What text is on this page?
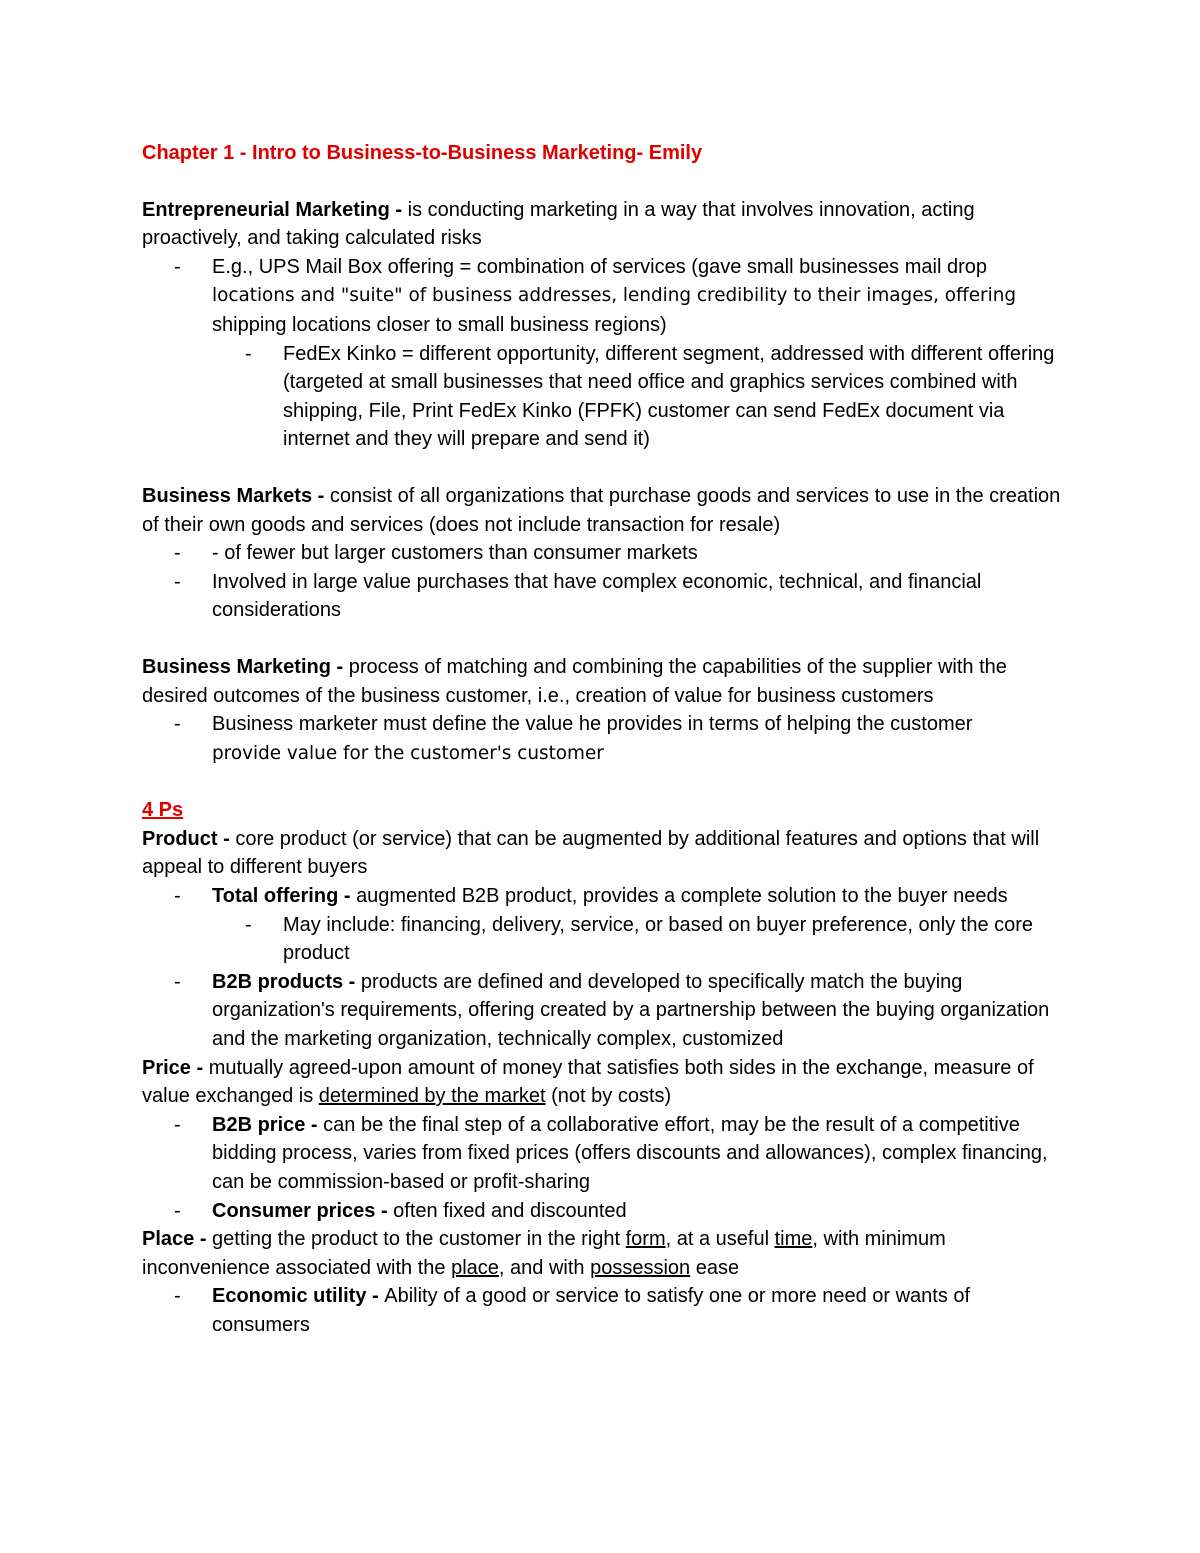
Chapter 1 - Intro to Business-to-Business Marketing- Emily

Entrepreneurial Marketing - is conducting marketing in a way that involves innovation, acting proactively, and taking calculated risks

- E.g., UPS Mail Box offering = combination of services (gave small businesses mail drop
locations and "suite" of business addresses, lending credibility to their images, offering
shipping locations closer to small business regions)
- FedEx Kinko = different opportunity, different segment, addressed with different offering (targeted at small businesses that need office and graphics services combined with shipping, File, Print FedEx Kinko (FPFK) customer can send FedEx document via internet and they will prepare and send it)

Business Markets - consist of all organizations that purchase goods and services to use in the creation of their own goods and services (does not include transaction for resale)

- - of fewer but larger customers than consumer markets
- Involved in large value purchases that have complex economic, technical, and financial considerations

Business Marketing - process of matching and combining the capabilities of the supplier with the desired outcomes of the business customer, i.e., creation of value for business customers

- Business marketer must define the value he provides in terms of helping the customer
provide value for the customer's customer

4 Ps

Product - core product (or service) that can be augmented by additional features and options that will appeal to different buyers

- Total offering - augmented B2B product, provides a complete solution to the buyer needs
- May include: financing, delivery, service, or based on buyer preference, only the core product
- B2B products - products are defined and developed to specifically match the buying organization's requirements, offering created by a partnership between the buying organization and the marketing organization, technically complex, customized

Price - mutually agreed-upon amount of money that satisfies both sides in the exchange, measure of value exchanged is determined by the market (not by costs)

- B2B price - can be the final step of a collaborative effort, may be the result of a competitive bidding process, varies from fixed prices (offers discounts and allowances), complex financing, can be commission-based or profit-sharing
- Consumer prices - often fixed and discounted

Place - getting the product to the customer in the right form, at a useful time, with minimum inconvenience associated with the place, and with possession ease

- Economic utility - Ability of a good or service to satisfy one or more need or wants of consumers
